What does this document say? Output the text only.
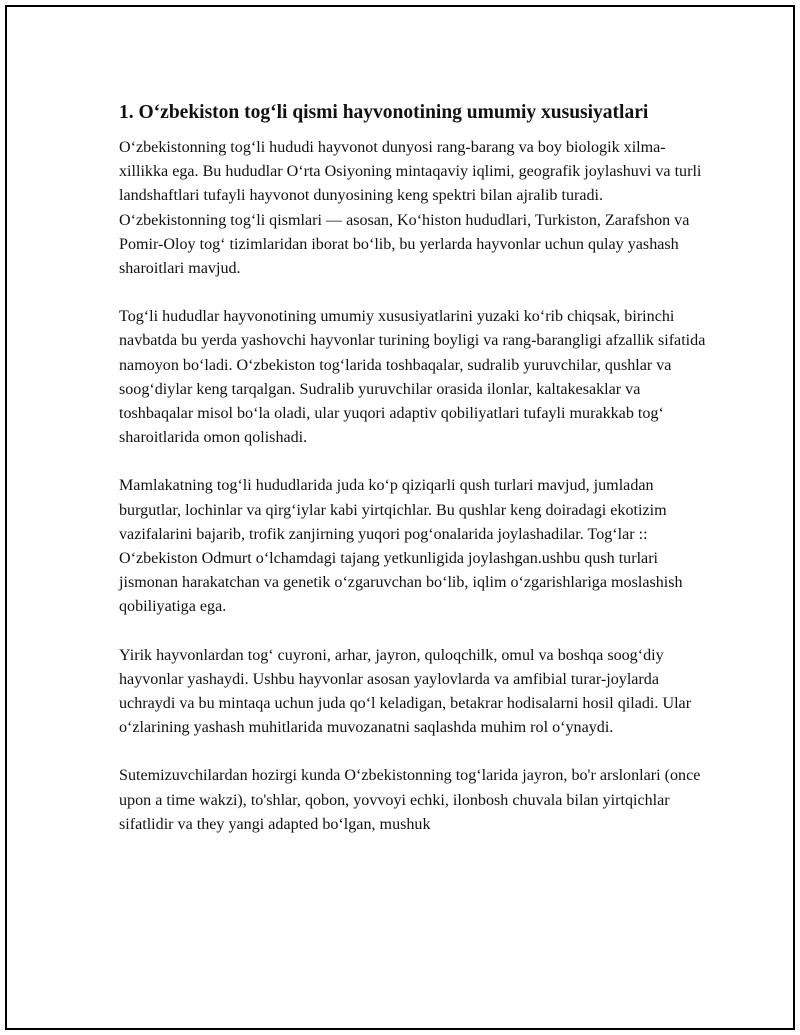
1. O‘zbekiston tog‘li qismi hayvonotining umumiy xususiyatlari

O‘zbekistonning tog‘li hududi hayvonot dunyosi rang-barang va boy biologik xilma-xillikka ega. Bu hududlar O‘rta Osiyoning mintaqaviy iqlimi, geografik joylashuvi va turli landshaftlari tufayli hayvonot dunyosining keng spektri bilan ajralib turadi. O‘zbekistonning tog‘li qismlari — asosan, Ko‘histon hududlari, Turkiston, Zarafshon va Pomir-Oloy tog‘ tizimlaridan iborat bo‘lib, bu yerlarda hayvonlar uchun qulay yashash sharoitlari mavjud.

Tog‘li hududlar hayvonotining umumiy xususiyatlarini yuzaki ko‘rib chiqsak, birinchi navbatda bu yerda yashovchi hayvonlar turining boyligi va rang-barangligi afzallik sifatida namoyon bo‘ladi. O‘zbekiston tog‘larida toshbaqalar, sudralib yuruvchilar, qushlar va soog‘diylar keng tarqalgan. Sudralib yuruvchilar orasida ilonlar, kaltakesaklar va toshbaqalar misol bo‘la oladi, ular yuqori adaptiv qobiliyatlari tufayli murakkab tog‘ sharoitlarida omon qolishadi.

Mamlakatning tog‘li hududlarida juda ko‘p qiziqarli qush turlari mavjud, jumladan burgutlar, lochinlar va qirg‘iylar kabi yirtqichlar. Bu qushlar keng doiradagi ekotizim vazifalarini bajarib, trofik zanjirning yuqori pog‘onalarida joylashadilar. Tog‘lar :: O‘zbekiston Odmurt o‘lchamdagi tajang yetkunligida joylashgan.ushbu qush turlari jismonan harakatchan va genetik o‘zgaruvchan bo‘lib, iqlim o‘zgarishlariga moslashish qobiliyatiga ega.

Yirik hayvonlardan tog‘ cuyroni, arhar, jayron, quloqchilk, omul va boshqa soog‘diy hayvonlar yashaydi. Ushbu hayvonlar asosan yaylovlarda va amfibial turar-joylarda uchraydi va bu mintaqa uchun juda qo‘l keladigan, betakrar hodisalarni hosil qiladi. Ular o‘zlarining yashash muhitlarida muvozanatni saqlashda muhim rol o‘ynaydi.

Sutemizuvchilardan hozirgi kunda O‘zbekistonning tog‘larida jayron, bo'r arslonlari (once upon a time wakzi), to'shlar, qobon, yovvoyi echki, ilonbosh chuvala bilan yirtqichlar sifatlidir va they yangi adapted bo‘lgan, mushuk
